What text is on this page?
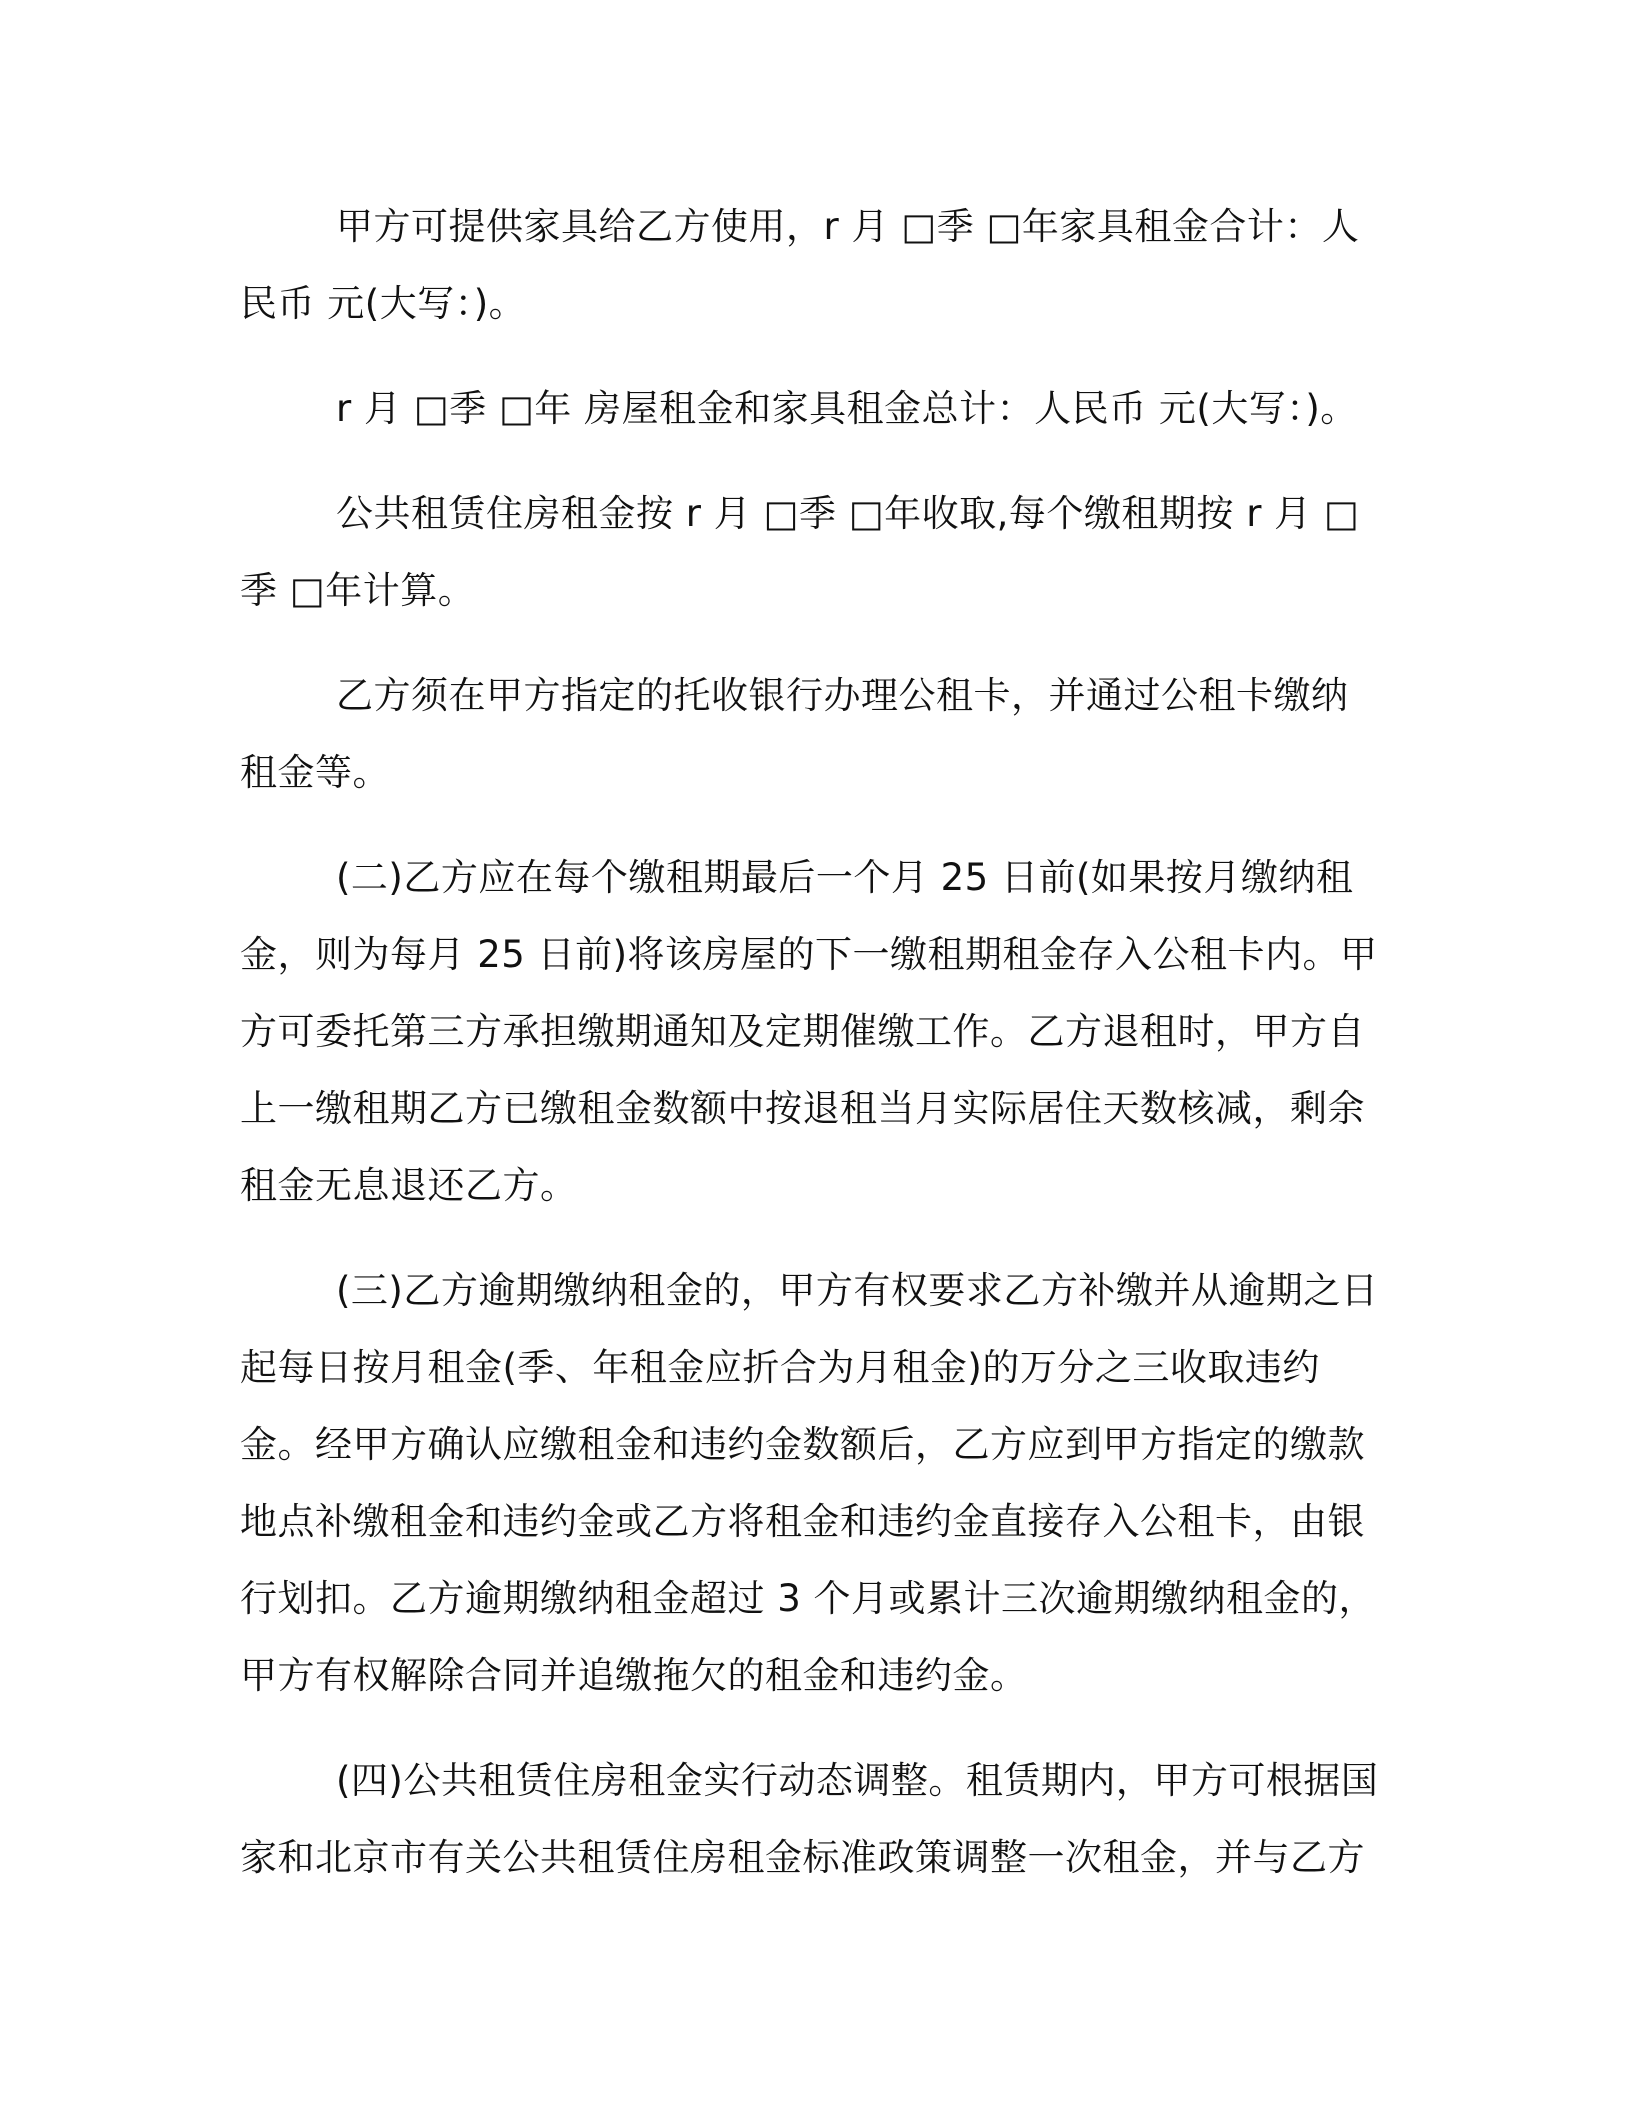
甲方可提供家具给乙方使用，r 月 □季 □年家具租金合计：人民币 元(大写：)。

r 月 □季 □年 房屋租金和家具租金总计：人民币 元(大写：)。

公共租赁住房租金按 r 月 □季 □年收取,每个缴租期按 r 月 □季 □年计算。

乙方须在甲方指定的托收银行办理公租卡，并通过公租卡缴纳租金等。

(二)乙方应在每个缴租期最后一个月 25 日前(如果按月缴纳租金，则为每月 25 日前)将该房屋的下一缴租期租金存入公租卡内。甲方可委托第三方承担缴期通知及定期催缴工作。乙方退租时，甲方自上一缴租期乙方已缴租金数额中按退租当月实际居住天数核减，剩余租金无息退还乙方。

(三)乙方逾期缴纳租金的，甲方有权要求乙方补缴并从逾期之日起每日按月租金(季、年租金应折合为月租金)的万分之三收取违约金。经甲方确认应缴租金和违约金数额后，乙方应到甲方指定的缴款地点补缴租金和违约金或乙方将租金和违约金直接存入公租卡，由银行划扣。乙方逾期缴纳租金超过 3 个月或累计三次逾期缴纳租金的，甲方有权解除合同并追缴拖欠的租金和违约金。

(四)公共租赁住房租金实行动态调整。租赁期内，甲方可根据国家和北京市有关公共租赁住房租金标准政策调整一次租金，并与乙方
